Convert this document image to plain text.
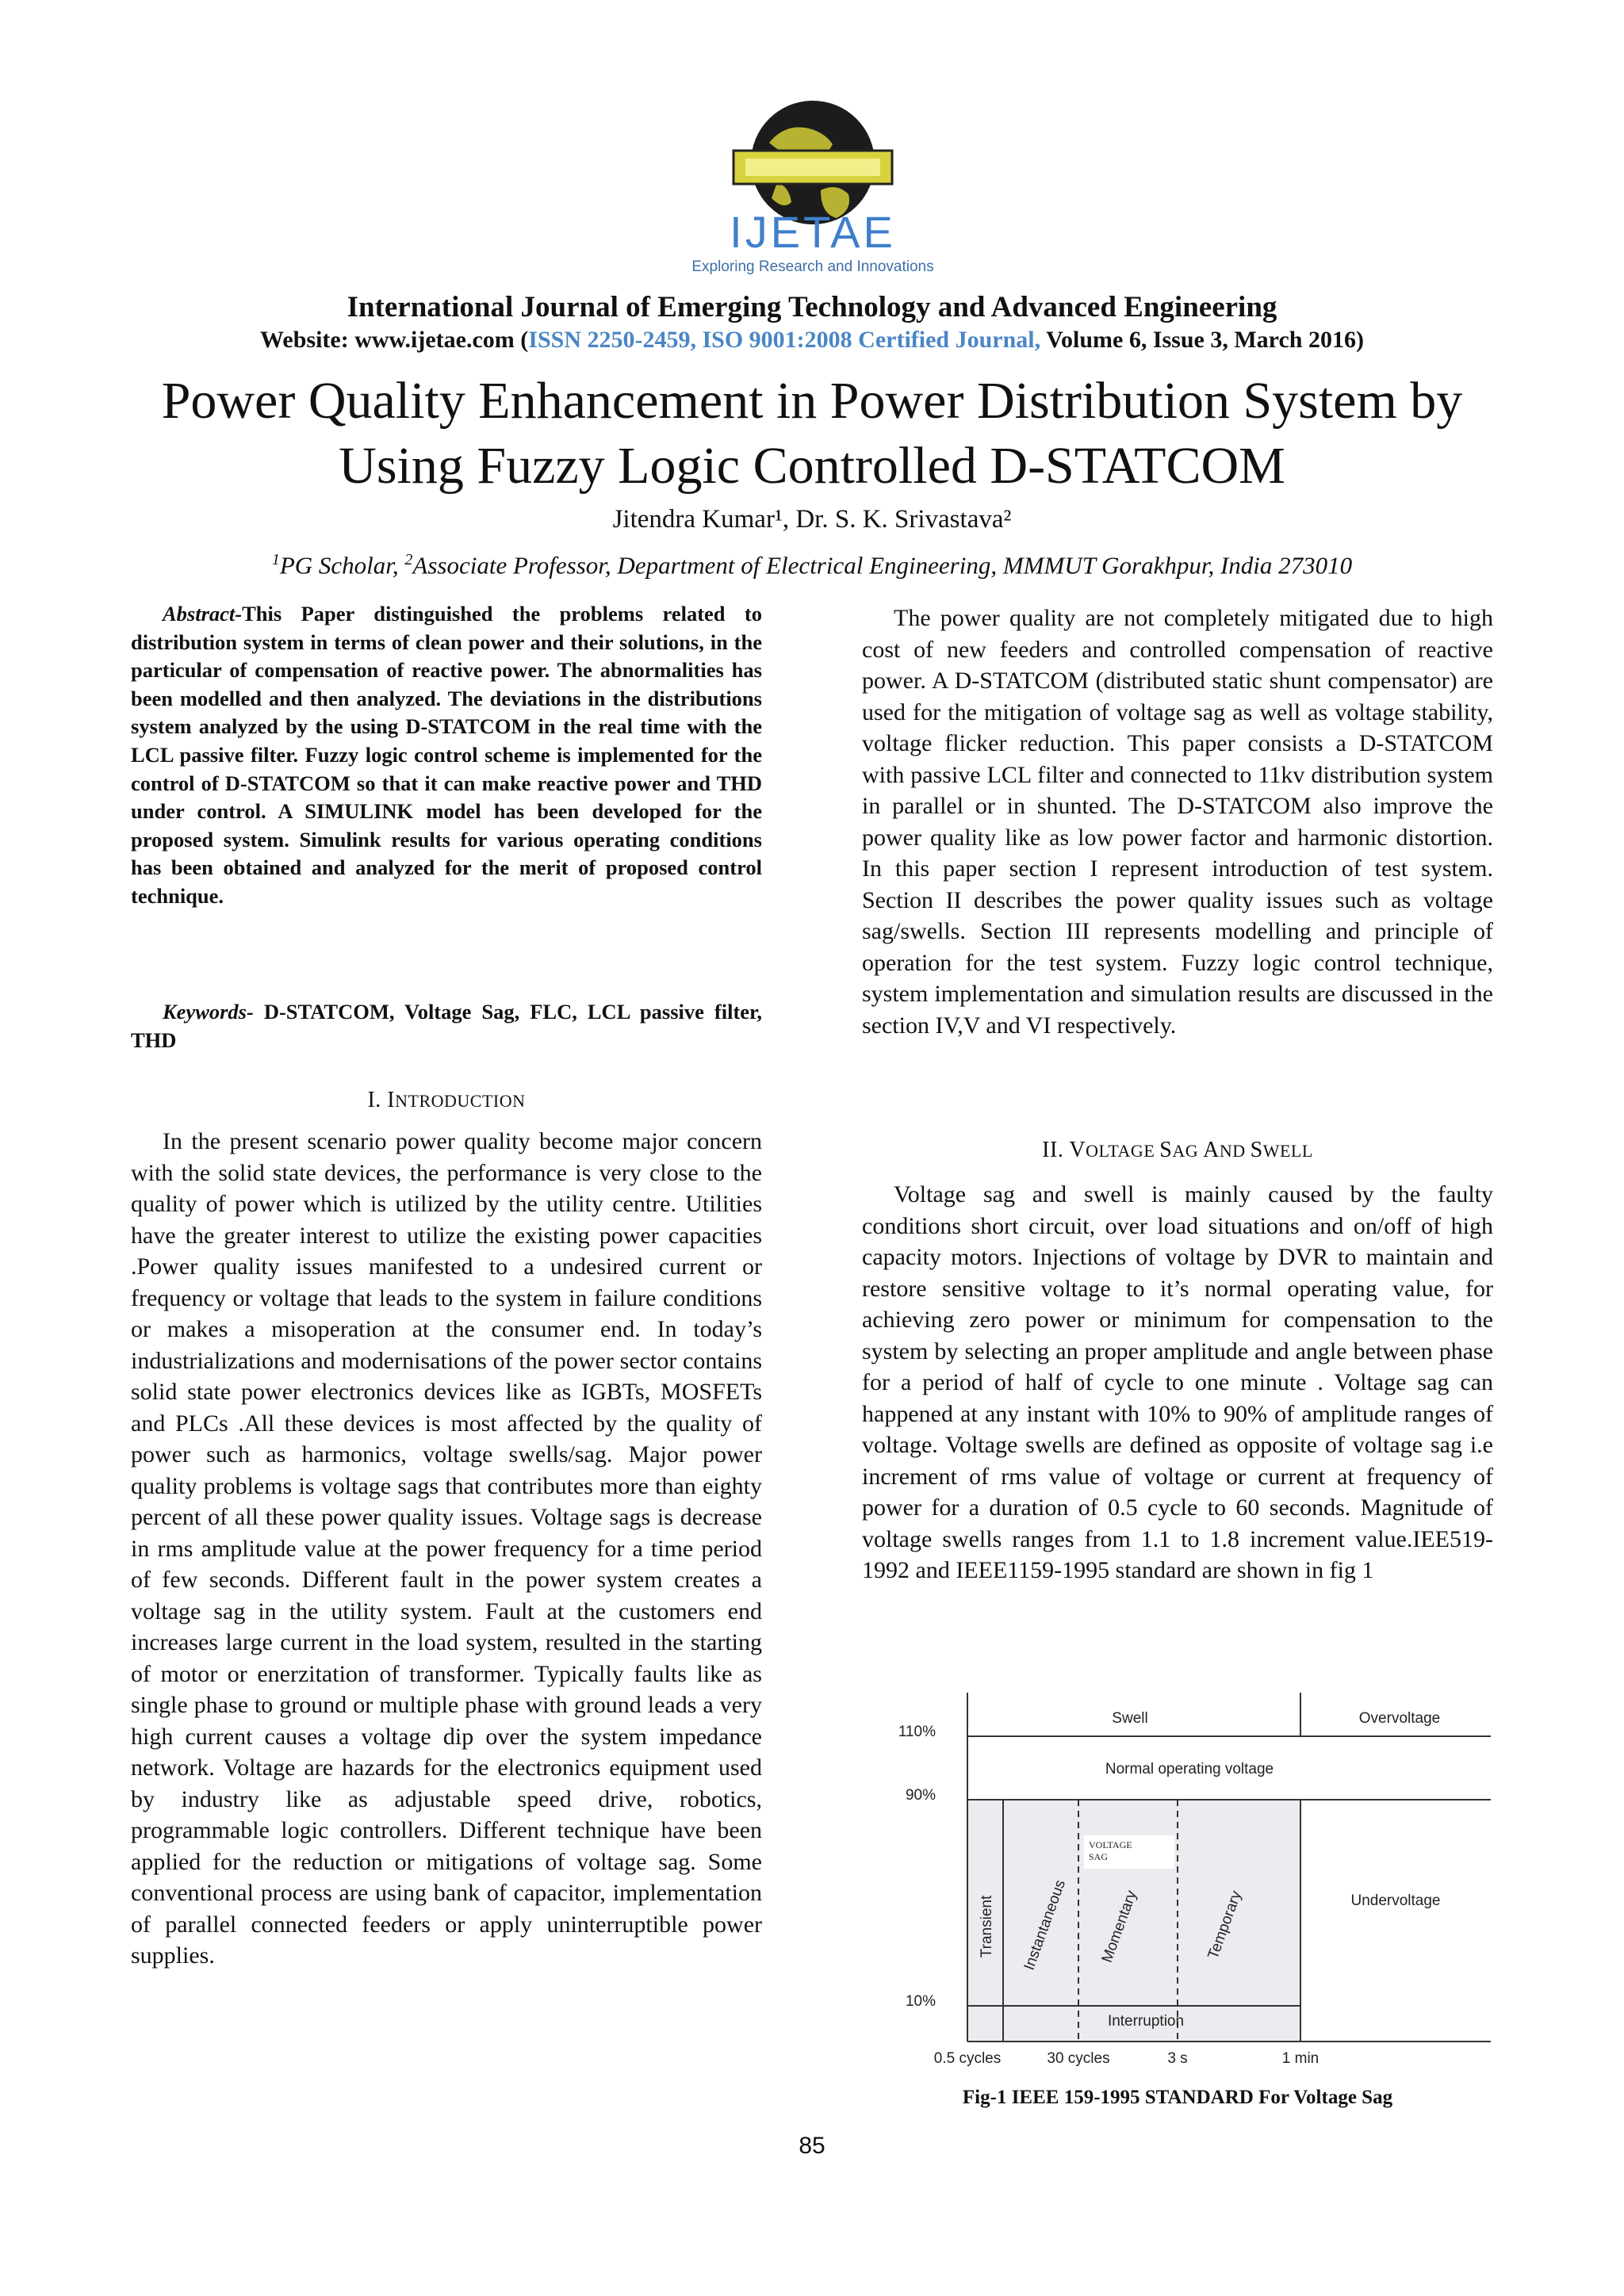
IJETAE
Exploring Research and Innovations
International Journal of Emerging Technology and Advanced Engineering
Website: www.ijetae.com (ISSN 2250-2459, ISO 9001:2008 Certified Journal, Volume 6, Issue 3, March 2016)
Power Quality Enhancement in Power Distribution System by
Using Fuzzy Logic Controlled D-STATCOM
Jitendra Kumar¹, Dr. S. K. Srivastava²
$^1$PG Scholar, $^2$Associate Professor, Department of Electrical Engineering, MMMUT Gorakhpur, India 273010
Abstract-This Paper distinguished the problems related to distribution system in terms of clean power and their solutions, in the particular of compensation of reactive power. The abnormalities has been modelled and then analyzed. The deviations in the distributions system analyzed by the using D-STATCOM in the real time with the LCL passive filter. Fuzzy logic control scheme is implemented for the control of D-STATCOM so that it can make reactive power and THD under control. A SIMULINK model has been developed for the proposed system. Simulink results for various operating conditions has been obtained and analyzed for the merit of proposed control technique.
Keywords- D-STATCOM, Voltage Sag, FLC, LCL passive filter, THD
I. INTRODUCTION
In the present scenario power quality become major concern with the solid state devices, the performance is very close to the quality of power which is utilized by the utility centre. Utilities have the greater interest to utilize the existing power capacities .Power quality issues manifested to a undesired current or frequency or voltage that leads to the system in failure conditions or makes a misoperation at the consumer end. In today’s industrializations and modernisations of the power sector contains solid state power electronics devices like as IGBTs, MOSFETs and PLCs .All these devices is most affected by the quality of power such as harmonics, voltage swells/sag. Major power quality problems is voltage sags that contributes more than eighty percent of all these power quality issues. Voltage sags is decrease in rms amplitude value at the power frequency for a time period of few seconds. Different fault in the power system creates a voltage sag in the utility system. Fault at the customers end increases large current in the load system, resulted in the starting of motor or enerzitation of transformer. Typically faults like as single phase to ground or multiple phase with ground leads a very high current causes a voltage dip over the system impedance network. Voltage are hazards for the electronics equipment used by industry like as adjustable speed drive, robotics, programmable logic controllers. Different technique have been applied for the reduction or mitigations of voltage sag. Some conventional process are using bank of capacitor, implementation of parallel connected feeders or apply uninterruptible power supplies.
The power quality are not completely mitigated due to high cost of new feeders and controlled compensation of reactive power. A D-STATCOM (distributed static shunt compensator) are used for the mitigation of voltage sag as well as voltage stability, voltage flicker reduction. This paper consists a D-STATCOM with passive LCL filter and connected to 11kv distribution system in parallel or in shunted. The D-STATCOM also improve the power quality like as low power factor and harmonic distortion. In this paper section I represent introduction of test system. Section II describes the power quality issues such as voltage sag/swells. Section III represents modelling and principle of operation for the test system. Fuzzy logic control technique, system implementation and simulation results are discussed in the section IV,V and VI respectively.
II. VOLTAGE SAG AND SWELL
Voltage sag and swell is mainly caused by the faulty conditions short circuit, over load situations and on/off of high capacity motors. Injections of voltage by DVR to maintain and restore sensitive voltage to it’s normal operating value, for achieving zero power or minimum for compensation to the system by selecting an proper amplitude and angle between phase for a period of half of cycle to one minute . Voltage sag can happened at any instant with 10% to 90% of amplitude ranges of voltage. Voltage swells are defined as opposite of voltage sag i.e increment of rms value of voltage or current at frequency of power for a duration of 0.5 cycle to 60 seconds. Magnitude of voltage swells ranges from 1.1 to 1.8 increment value.IEE519-1992 and IEEE1159-1995 standard are shown in fig 1
110%
90%
10%
0.5 cycles	30 cycles	3 s	1 min
Swell	Overvoltage
Normal operating voltage
VOLTAGE
SAG
Undervoltage
Interruption
Transient Instantaneous Momentary	Temporary
Fig-1 IEEE 159-1995 STANDARD For Voltage Sag
85
